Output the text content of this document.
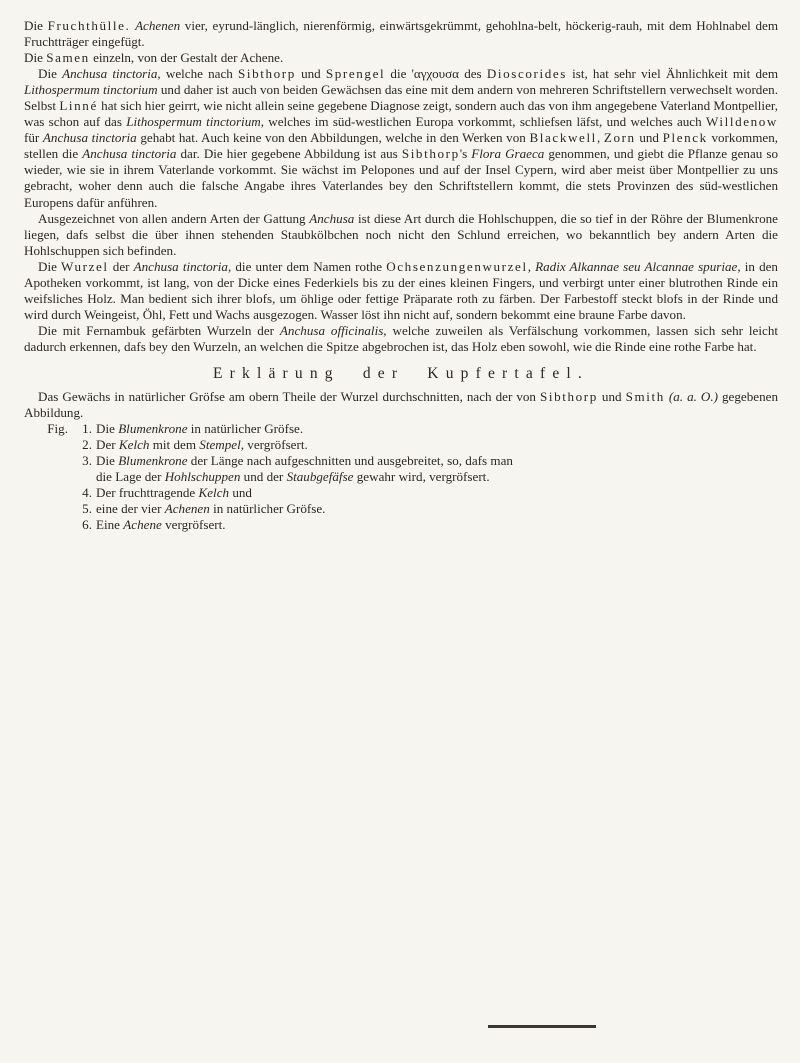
Die Fruchthülle. Achenen vier, eyrund-länglich, nierenförmig, einwärtsgekrümmt, gehohlna-belt, höckerig-rauh, mit dem Hohlnabel dem Fruchtträger eingefügt.

Die Samen einzeln, von der Gestalt der Achene.

Die Anchusa tinctoria, welche nach Sibthorp und Sprengel die 'αγχουσα des Dioscorides ist, hat sehr viel Ähnlichkeit mit dem Lithospermum tinctorium und daher ist auch von beiden Gewächsen das eine mit dem andern von mehreren Schriftstellern verwechselt worden. Selbst Linné hat sich hier geirrt, wie nicht allein seine gegebene Diagnose zeigt, sondern auch das von ihm angegebene Vaterland Montpellier, was schon auf das Lithospermum tinctorium, welches im süd-westlichen Europa vorkommt, schliefsen läfst, und welches auch Willdenow für Anchusa tinctoria gehabt hat. Auch keine von den Abbildungen, welche in den Werken von Blackwell, Zorn und Plenck vorkommen, stellen die Anchusa tinctoria dar. Die hier gegebene Abbildung ist aus Sibthorp's Flora Graeca genommen, und giebt die Pflanze genau so wieder, wie sie in ihrem Vaterlande vorkommt. Sie wächst im Pelopones und auf der Insel Cypern, wird aber meist über Montpellier zu uns gebracht, woher denn auch die falsche Angabe ihres Vaterlandes bey den Schriftstellern kommt, die stets Provinzen des süd-westlichen Europens dafür anführen.

Ausgezeichnet von allen andern Arten der Gattung Anchusa ist diese Art durch die Hohlschuppen, die so tief in der Röhre der Blumenkrone liegen, dafs selbst die über ihnen stehenden Staubkölbchen noch nicht den Schlund erreichen, wo bekanntlich bey andern Arten die Hohlschuppen sich befinden.

Die Wurzel der Anchusa tinctoria, die unter dem Namen rothe Ochsenzungenwurzel, Radix Alkannae seu Alcannae spuriae, in den Apotheken vorkommt, ist lang, von der Dicke eines Federkiels bis zu der eines kleinen Fingers, und verbirgt unter einer blutrothen Rinde ein weifsliches Holz. Man bedient sich ihrer blofs, um öhlige oder fettige Präparate roth zu färben. Der Farbestoff steckt blofs in der Rinde und wird durch Weingeist, Öhl, Fett und Wachs ausgezogen. Wasser löst ihn nicht auf, sondern bekommt eine braune Farbe davon.

Die mit Fernambuk gefärbten Wurzeln der Anchusa officinalis, welche zuweilen als Verfälschung vorkommen, lassen sich sehr leicht dadurch erkennen, dafs bey den Wurzeln, an welchen die Spitze abgebrochen ist, das Holz eben sowohl, wie die Rinde eine rothe Farbe hat.

Erklärung der Kupfertafel.

Das Gewächs in natürlicher Gröfse am obern Theile der Wurzel durchschnitten, nach der von Sibthorp und Smith (a. a. O.) gegebenen Abbildung.

Fig.	1. Die Blumenkrone in natürlicher Gröfse.
2. Der Kelch mit dem Stempel, vergröfsert.
3. Die Blumenkrone der Länge nach aufgeschnitten und ausgebreitet, so, dafs man
die Lage der Hohlschuppen und der Staubgefäfse gewahr wird, vergröfsert.
4. Der fruchttragende Kelch und
5. eine der vier Achenen in natürlicher Gröfse.
6. Eine Achene vergröfsert.
